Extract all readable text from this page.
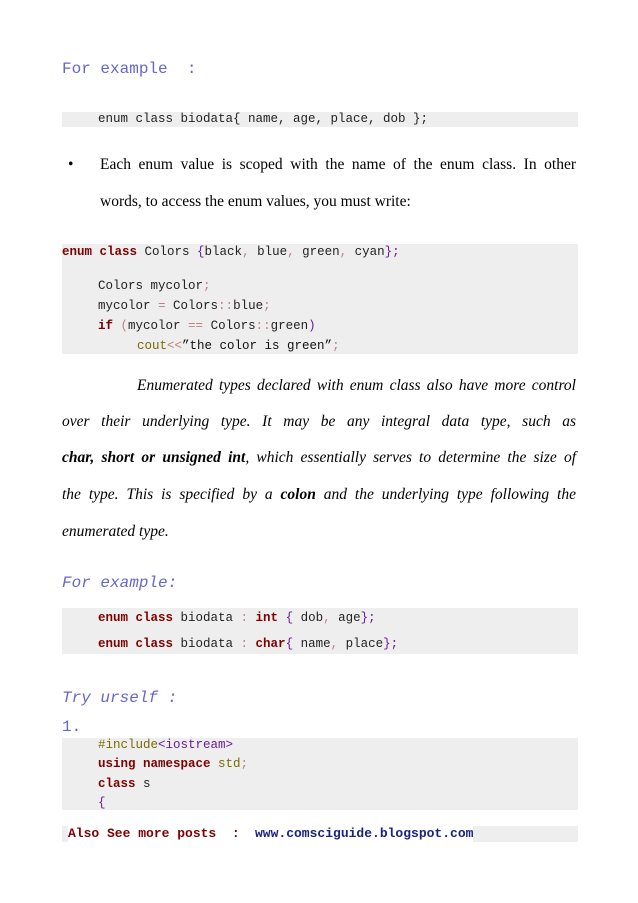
For example  :
enum class biodata{ name, age, place, dob };
• Each enum value is scoped with the name of the enum class. In other
words, to access the enum values, you must write:
enum class Colors {black, blue, green, cyan};
Colors mycolor;
mycolor = Colors::blue;
if (mycolor == Colors::green)
cout<<”the color is green”;
Enumerated types declared with enum class also have more control
over their underlying type. It may be any integral data type, such as
char, short or unsigned int, which essentially serves to determine the size of
the type. This is specified by a colon and the underlying type following the
enumerated type.
For example:
enum class biodata : int { dob, age};
enum class biodata : char{ name, place};
Try urself :
1.
#include<iostream>
using namespace std;
class s
{
Also See more posts  : www.comsciguide.blogspot.com
